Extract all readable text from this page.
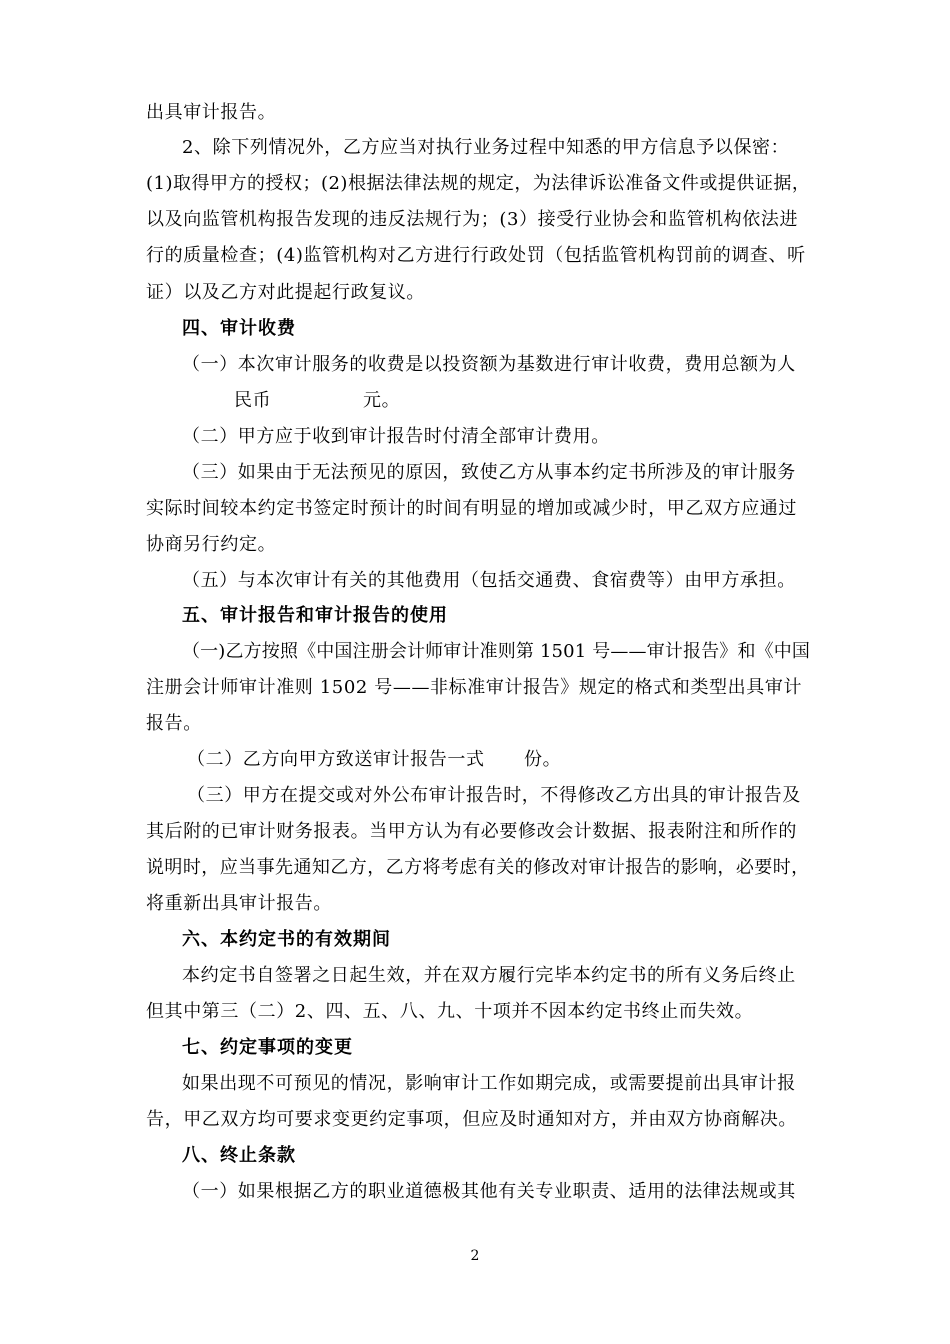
出具审计报告。
2、除下列情况外，乙方应当对执行业务过程中知悉的甲方信息予以保密：
(1)取得甲方的授权；(2)根据法律法规的规定，为法律诉讼准备文件或提供证据，
以及向监管机构报告发现的违反法规行为；(3）接受行业协会和监管机构依法进
行的质量检查；(4)监管机构对乙方进行行政处罚（包括监管机构罚前的调查、听
证）以及乙方对此提起行政复议。
四、审计收费
（一）本次审计服务的收费是以投资额为基数进行审计收费，费用总额为人
民币	元。
（二）甲方应于收到审计报告时付清全部审计费用。
（三）如果由于无法预见的原因，致使乙方从事本约定书所涉及的审计服务
实际时间较本约定书签定时预计的时间有明显的增加或减少时，甲乙双方应通过
协商另行约定。
（五）与本次审计有关的其他费用（包括交通费、食宿费等）由甲方承担。
五、审计报告和审计报告的使用
（一)乙方按照《中国注册会计师审计准则第 1501 号——审计报告》和《中国
注册会计师审计准则 1502 号——非标准审计报告》规定的格式和类型出具审计
报告。
（二）乙方向甲方致送审计报告一式 份。
（三）甲方在提交或对外公布审计报告时，不得修改乙方出具的审计报告及
其后附的已审计财务报表。当甲方认为有必要修改会计数据、报表附注和所作的
说明时，应当事先通知乙方，乙方将考虑有关的修改对审计报告的影响，必要时，
将重新出具审计报告。
六、本约定书的有效期间
本约定书自签署之日起生效，并在双方履行完毕本约定书的所有义务后终止
但其中第三（二）2、四、五、八、九、十项并不因本约定书终止而失效。
七、约定事项的变更
如果出现不可预见的情况，影响审计工作如期完成，或需要提前出具审计报
告，甲乙双方均可要求变更约定事项，但应及时通知对方，并由双方协商解决。
八、终止条款
（一）如果根据乙方的职业道德极其他有关专业职责、适用的法律法规或其
2
